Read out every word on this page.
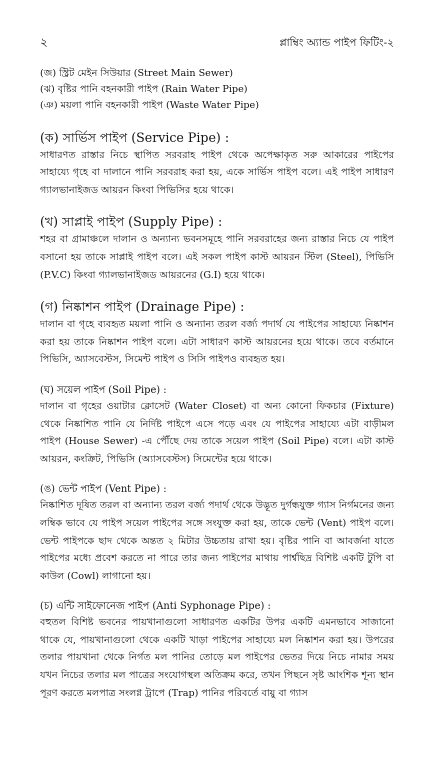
২	প্লাম্বিং অ্যান্ড পাইপ ফিটিং-২
(জ) স্ট্রিট মেইন সিউয়ার (Street Main Sewer)
(ঝ) বৃষ্টির পানি বহনকারী পাইপ (Rain Water Pipe)
(ঞ) ময়লা পানি বহনকারী পাইপ (Waste Water Pipe)
(ক) সার্ভিস পাইপ (Service Pipe) :
সাধারণত রাস্তার নিচে স্থাপিত সরবরাহ পাইপ থেকে অপেক্ষাকৃত সরু আকারের পাইপের সাহায্যে গৃহে বা দালানে পানি সরবরাহ করা হয়, একে সার্ভিস পাইপ বলে। এই পাইপ সাধারণ গ্যালভানাইজড আয়রন কিংবা পিভিসির হয়ে থাকে।
(খ) সাপ্লাই পাইপ (Supply Pipe) :
শহর বা গ্রামাঞ্চলে দালান ও অন্যান্য ভবনসমূহে পানি সরবরাহের জন্য রাস্তার নিচে যে পাইপ বসানো হয় তাকে সাপ্লাই পাইপ বলে। এই সকল পাইপ কাস্ট আয়রন স্টিল (Steel), পিভিসি (P.V.C) কিংবা গ্যালভানাইজড আয়রনের (G.I) হয়ে থাকে।
(গ) নিষ্কাশন পাইপ (Drainage Pipe) :
দালান বা গৃহে ব্যবহৃত ময়লা পানি ও অন্যান্য তরল বর্জ্য পদার্থ যে পাইপের সাহায্যে নিষ্কাশন করা হয় তাকে নিষ্কাশন পাইপ বলে। এটা সাধারণ কাস্ট আয়রনের হয়ে থাকে। তবে বর্তমানে পিভিসি, অ্যাসবেস্টস, সিমেন্ট পাইপ ও সিসি পাইপও ব্যবহৃত হয়।
(ঘ) সয়েল পাইপ (Soil Pipe) :
দালান বা গৃহের ওয়াটার ক্লোসেট (Water Closet) বা অন্য কোনো ফিকচার (Fixture) থেকে নিষ্কাশিত পানি যে নির্দিষ্ট পাইপে এসে পড়ে এবং যে পাইপের সাহায্যে এটা বাড়ীমল পাইপ (House Sewer) -এ পৌঁছে দেয় তাকে সয়েল পাইপ (Soil Pipe) বলে। এটা কাস্ট আয়রন, কংক্রিট, পিভিসি (অ্যাসবেস্টস) সিমেন্টের হয়ে থাকে।
(ঙ) ভেন্ট পাইপ (Vent Pipe) :
নিষ্কাশিত দূষিত তরল বা অন্যান্য তরল বর্জ্য পদার্থ থেকে উদ্ভূত দুর্গন্ধযুক্ত গ্যাস নির্গমনের জন্য লম্বিক ভাবে যে পাইপ সয়েল পাইপের সঙ্গে সংযুক্ত করা হয়, তাকে ভেন্ট (Vent) পাইপ বলে। ভেন্ট পাইপকে ছাদ থেকে অন্তত ২ মিটার উচ্চতায় রাখা হয়। বৃষ্টির পানি বা আবর্জনা যাতে পাইপের মধ্যে প্রবেশ করতে না পারে তার জন্য পাইপের মাথায় পার্শ্বছিদ্র বিশিষ্ট একটি টুপি বা কাউল (Cowl) লাগানো হয়।
(চ) এন্টি সাইফোনেজ পাইপ (Anti Syphonage Pipe) :
বহুতল বিশিষ্ট ভবনের পায়খানাগুলো সাধারণত একটির উপর একটি এমনভাবে সাজানো থাকে যে, পায়খানাগুলো থেকে একটি খাড়া পাইপের সাহায্যে মল নিষ্কাশন করা হয়। উপরের তলার পায়খানা থেকে নির্গত মল পানির তোড়ে মল পাইপের ভেতর দিয়ে নিচে নামার সময় যখন নিচের তলার মল পাত্রের সংযোগস্থল অতিক্রম করে, তখন পিছনে সৃষ্ট আংশিক শূন্য স্থান পূরণ করতে মলপাত্র সংলগ্ন ট্রাপে (Trap) পানির পরিবর্তে বায়ু বা গ্যাস
